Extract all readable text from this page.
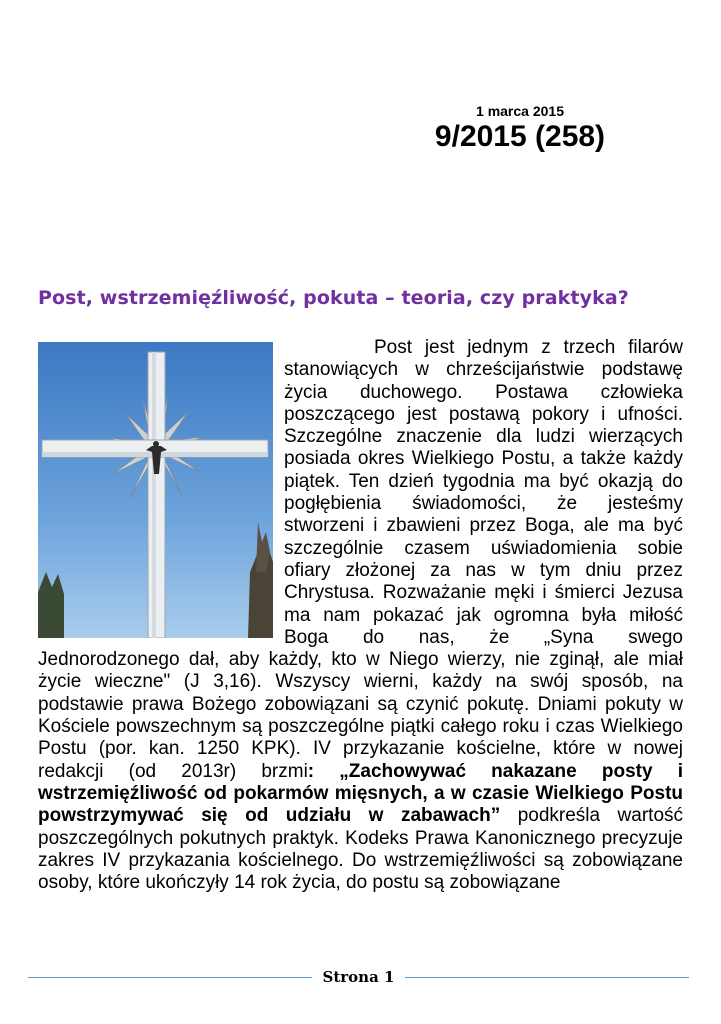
1 marca 2015
9/2015 (258)
Post, wstrzemięźliwość, pokuta – teoria, czy praktyka?
Post jest jednym z trzech filarów stanowiących w chrześcijaństwie podstawę życia duchowego. Postawa człowieka poszczącego jest postawą pokory i ufności. Szczególne znaczenie dla ludzi wierzących posiada okres Wielkiego Postu, a także każdy piątek. Ten dzień tygodnia ma być okazją do pogłębienia świadomości, że jesteśmy stworzeni i zbawieni przez Boga, ale ma być szczególnie czasem uświadomienia sobie ofiary złożonej za nas w tym dniu przez Chrystusa. Rozważanie męki i śmierci Jezusa ma nam pokazać jak ogromna była miłość Boga do nas, że „Syna swego Jednorodzonego dał, aby każdy, kto w Niego wierzy, nie zginął, ale miał życie wieczne" (J 3,16). Wszyscy wierni, każdy na swój sposób, na podstawie prawa Bożego zobowiązani są czynić pokutę. Dniami pokuty w Kościele powszechnym są poszczególne piątki całego roku i czas Wielkiego Postu (por. kan. 1250 KPK). IV przykazanie kościelne, które w nowej redakcji (od 2013r) brzmi: „Zachowywać nakazane posty i wstrzemięźliwość od pokarmów mięsnych, a w czasie Wielkiego Postu powstrzymywać się od udziału w zabawach” podkreśla wartość poszczególnych pokutnych praktyk. Kodeks Prawa Kanonicznego precyzuje zakres IV przykazania kościelnego. Do wstrzemięźliwości są zobowiązane osoby, które ukończyły 14 rok życia, do postu są zobowiązane
Strona 1
